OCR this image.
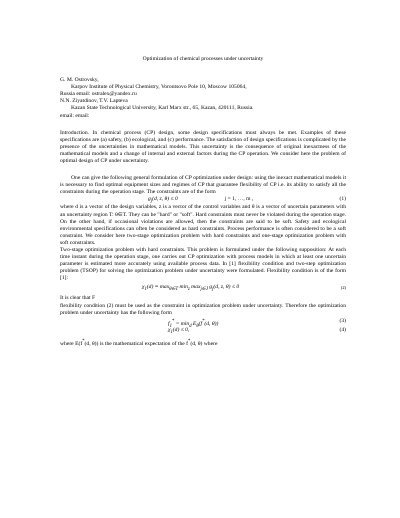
Optimization of chemical processes under uncertainty

G. M. Ostrovsky,

Karpov Institute of Physical Chemistry, Vorontsovo Pole 10, Moscow 105064,

Russia email: ostralex@yandex.ru

N.N. Ziyatdinov, T.V. Lapteva

Kazan State Technological University, Karl Marx str., 65, Kazan, 420111, Russia.

email: email:

Introduction. In chemical process (CP) design, some design specifications must always be met. Examples of these specifications are (a) safety, (b) ecological, and (c) performance. The satisfaction of design specifications is complicated by the presence of the uncertainties in mathematical models. This uncertainty is the consequence of original inexactness of the mathematical models and a change of internal and external factors during the CP operation. We consider here the problem of optimal design of CP under uncertainty.

One can give the following general formulation of CP optimization under design: using the inexact mathematical models it is necessary to find optimal equipment sizes and regimes of CP that guarantee flexibility of CP i.e. its ability to satisfy all the constraints during the operation stage. The constraints are of the form

$g_j(d$, z, θ) ≤ 0	j = 1, …, m ,	(1)

where d is a vector of the design variables, z is a vector of the control variables and θ is a vector of uncertain parameters with an uncertainty region T: θ∈T. They can be "hard" or "soft". Hard constraints must never be violated during the operation stage. On the other hand, if occasional violations are allowed, then the constraints are said to be soft. Safety and ecological environmental specifications can often be considered as hard constraints. Process performance is often considered to be a soft constraint. We consider here two-stage optimization problem with hard constraints and one-stage optimization problem with soft constraints.

Two-stage optimization problem with hard constraints. This problem is formulated under the following supposition: At each time instant during the operation stage, one carries out CP optimization with process models in which at least one uncertain parameter is estimated more accurately using available process data. In [1] flexibility condition and two-step optimization problem (TSOP) for solving the optimization problem under uncertainty were formulated. Flexibility condition is of the form [1]:

$\chi_1(d) \equiv \max_{\theta\in T} \min_z \max_{j\in J} g_j(d$, z, θ) ≤ 0	(2)

It is clear that F

flexibility condition (2) must be used as the constraint in optimization problem under uncertainty. Therefore the optimization problem under uncertainty has the following form

$f_1^* = \min_d E_\theta(f^*(d$, θ))	(3)
$\chi_1(d) \le 0$,	(4)
where E(f*(d, θ)) is the mathematical expectation of the f*(d, θ) where
